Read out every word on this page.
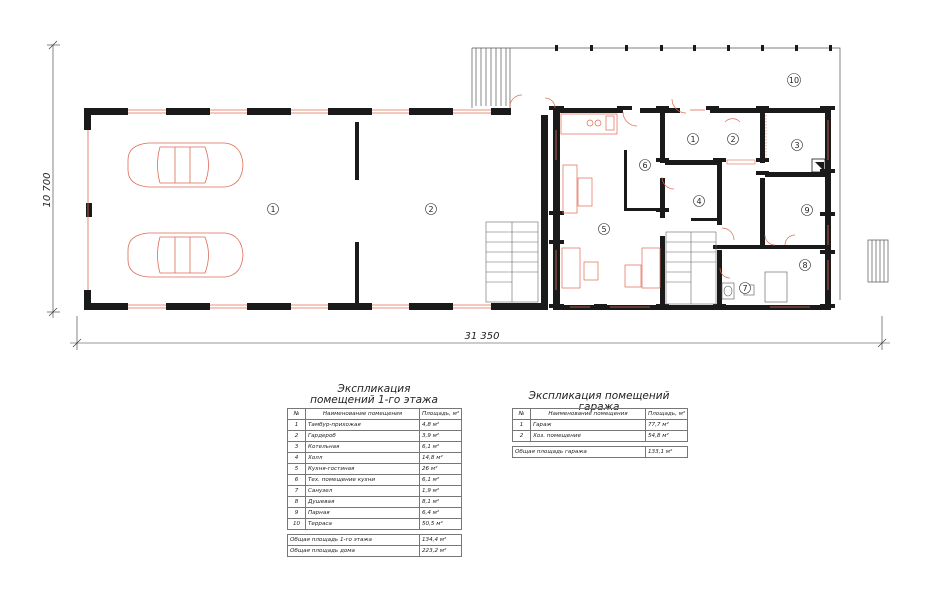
10 700
31 350
1	2
1	2
3
4
5
6
7
8
9
10
Экспликация
помещений 1-го этажа
№	Наименование помещения	Площадь, м²
1	Тамбур-прихожая	4,8 м²
2	Гардероб	3,9 м²
3	Котельная	6,1 м²
4	Холл	14,8 м²
5	Кухня-гостиная	26 м²
6	Тех. помещение кухни	6,1 м²
7	Санузел	1,9 м²
8	Душевая	8,1 м²
9	Парная	6,4 м²
10	Терраса	50,5 м²

Общая площадь 1-го этажа		134,4 м²
Общая площадь дома		223,2 м²
Экспликация помещений гаража
№	Наименование помещения	Площадь, м²
1	Гараж	77,7 м²
2	Хоз. помещение	54,8 м²

Общая площадь гаража		133,1 м²
